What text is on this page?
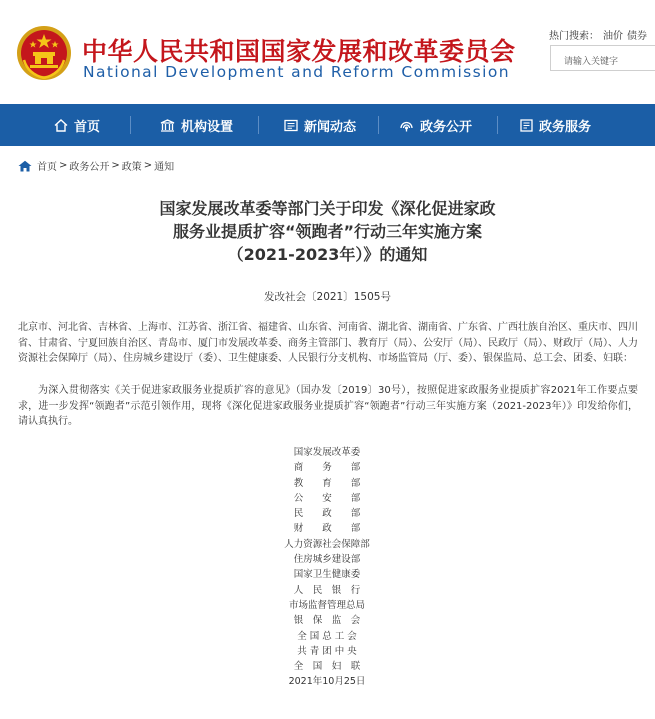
中华人民共和国国家发展和改革委员会
National Development and Reform Commission
热门搜索： 油价 债券
请输入关键字
首页	机构设置	新闻动态	政务公开	政务服务
首页 > 政务公开 > 政策 > 通知
国家发展改革委等部门关于印发《深化促进家政
服务业提质扩容“领跑者”行动三年实施方案
（2021-2023年）》的通知
发改社会〔2021〕1505号
北京市、河北省、吉林省、上海市、江苏省、浙江省、福建省、山东省、河南省、湖北省、湖南省、广东省、广西壮族自治区、重庆市、四川省、甘肃省、宁夏回族自治区、青岛市、厦门市发展改革委、商务主管部门、教育厅（局）、公安厅（局）、民政厅（局）、财政厅（局）、人力资源社会保障厅（局）、住房城乡建设厅（委）、卫生健康委、人民银行分支机构、市场监管局（厅、委）、银保监局、总工会、团委、妇联：
为深入贯彻落实《关于促进家政服务业提质扩容的意见》（国办发〔2019〕30号），按照促进家政服务业提质扩容2021年工作要点要求，进一步发挥“领跑者”示范引领作用，现将《深化促进家政服务业提质扩容“领跑者”行动三年实施方案（2021-2023年）》印发给你们，请认真执行。
国家发展改革委
商　　务　　部
教　　育　　部
公　　安　　部
民　　政　　部
财　　政　　部
人力资源社会保障部
住房城乡建设部
国家卫生健康委
人　民　银　行
市场监督管理总局
银　保　监　会
全 国 总 工 会
共 青 团 中 央
全　国　妇　联
2021年10月25日
